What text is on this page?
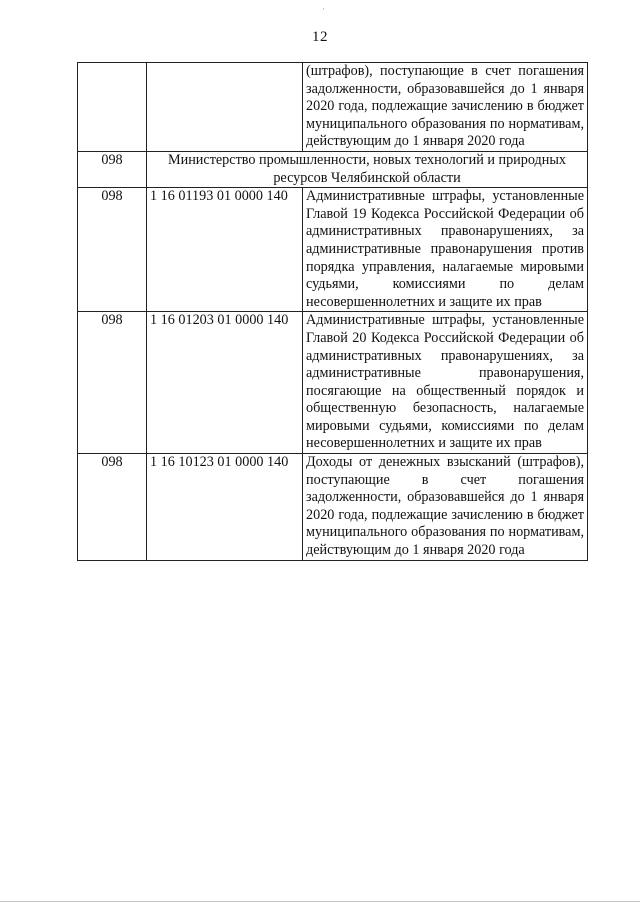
·
12
		(штрафов), поступающие в счет погашения задолженности, образовавшейся до 1 января 2020 года, подлежащие зачислению в бюджет муниципального образования по нормативам, действующим до 1 января 2020 года
098	Министерство промышленности, новых технологий и природных ресурсов Челябинской области	
098	1 16 01193 01 0000 140	Административные штрафы, установленные Главой 19 Кодекса Российской Федерации об административных правонарушениях, за административные правонарушения против порядка управления, налагаемые мировыми судьями, комиссиями по делам несовершеннолетних и защите их прав
098	1 16 01203 01 0000 140	Административные штрафы, установленные Главой 20 Кодекса Российской Федерации об административных правонарушениях, за административные правонарушения, посягающие на общественный порядок и общественную безопасность, налагаемые мировыми судьями, комиссиями по делам несовершеннолетних и защите их прав
098	1 16 10123 01 0000 140	Доходы от денежных взысканий (штрафов), поступающие в счет погашения задолженности, образовавшейся до 1 января 2020 года, подлежащие зачислению в бюджет муниципального образования по нормативам, действующим до 1 января 2020 года
